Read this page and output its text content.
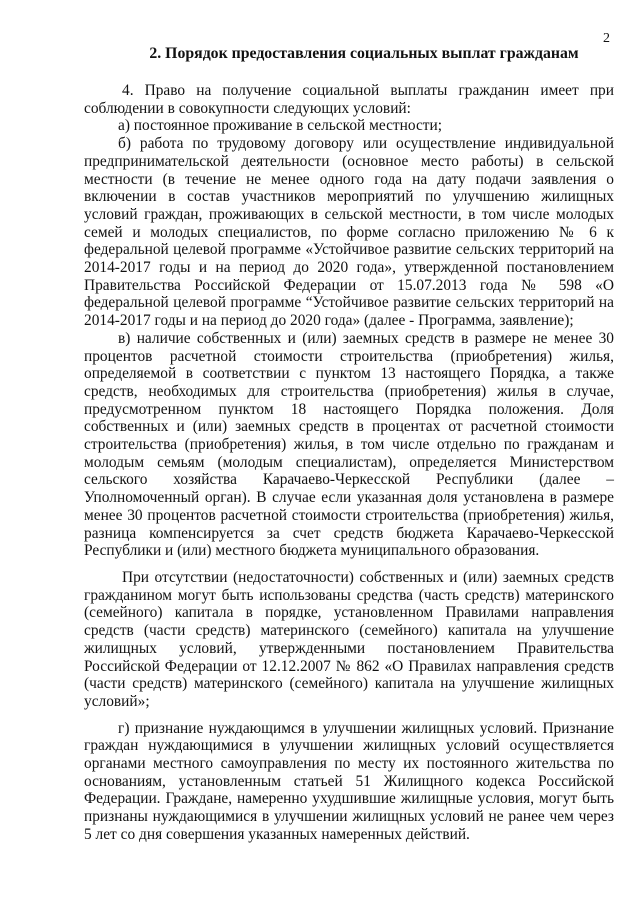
2
2. Порядок предоставления социальных выплат гражданам

4. Право на получение социальной выплаты гражданин имеет при соблюдении в совокупности следующих условий:

а) постоянное проживание в сельской местности;

б) работа по трудовому договору или осуществление индивидуальной предпринимательской деятельности (основное место работы) в сельской местности (в течение не менее одного года на дату подачи заявления о включении в состав участников мероприятий по улучшению жилищных условий граждан, проживающих в сельской местности, в том числе молодых семей и молодых специалистов, по форме согласно приложению № 6 к федеральной целевой программе «Устойчивое развитие сельских территорий на 2014-2017 годы и на период до 2020 года», утвержденной постановлением Правительства Российской Федерации от 15.07.2013 года № 598 «О федеральной целевой программе “Устойчивое развитие сельских территорий на 2014-2017 годы и на период до 2020 года» (далее - Программа, заявление);

в) наличие собственных и (или) заемных средств в размере не менее 30 процентов расчетной стоимости строительства (приобретения) жилья, определяемой в соответствии с пунктом 13 настоящего Порядка, а также средств, необходимых для строительства (приобретения) жилья в случае, предусмотренном пунктом 18 настоящего Порядка положения. Доля собственных и (или) заемных средств в процентах от расчетной стоимости строительства (приобретения) жилья, в том числе отдельно по гражданам и молодым семьям (молодым специалистам), определяется Министерством сельского хозяйства Карачаево-Черкесской Республики (далее – Уполномоченный орган). В случае если указанная доля установлена в размере менее 30 процентов расчетной стоимости строительства (приобретения) жилья, разница компенсируется за счет средств бюджета Карачаево-Черкесской Республики и (или) местного бюджета муниципального образования.

При отсутствии (недостаточности) собственных и (или) заемных средств гражданином могут быть использованы средства (часть средств) материнского (семейного) капитала в порядке, установленном Правилами направления средств (части средств) материнского (семейного) капитала на улучшение жилищных условий, утвержденными постановлением Правительства Российской Федерации от 12.12.2007 № 862 «О Правилах направления средств (части средств) материнского (семейного) капитала на улучшение жилищных условий»;

г) признание нуждающимся в улучшении жилищных условий. Признание граждан нуждающимися в улучшении жилищных условий осуществляется органами местного самоуправления по месту их постоянного жительства по основаниям, установленным статьей 51 Жилищного кодекса Российской Федерации. Граждане, намеренно ухудшившие жилищные условия, могут быть признаны нуждающимися в улучшении жилищных условий не ранее чем через 5 лет со дня совершения указанных намеренных действий.
